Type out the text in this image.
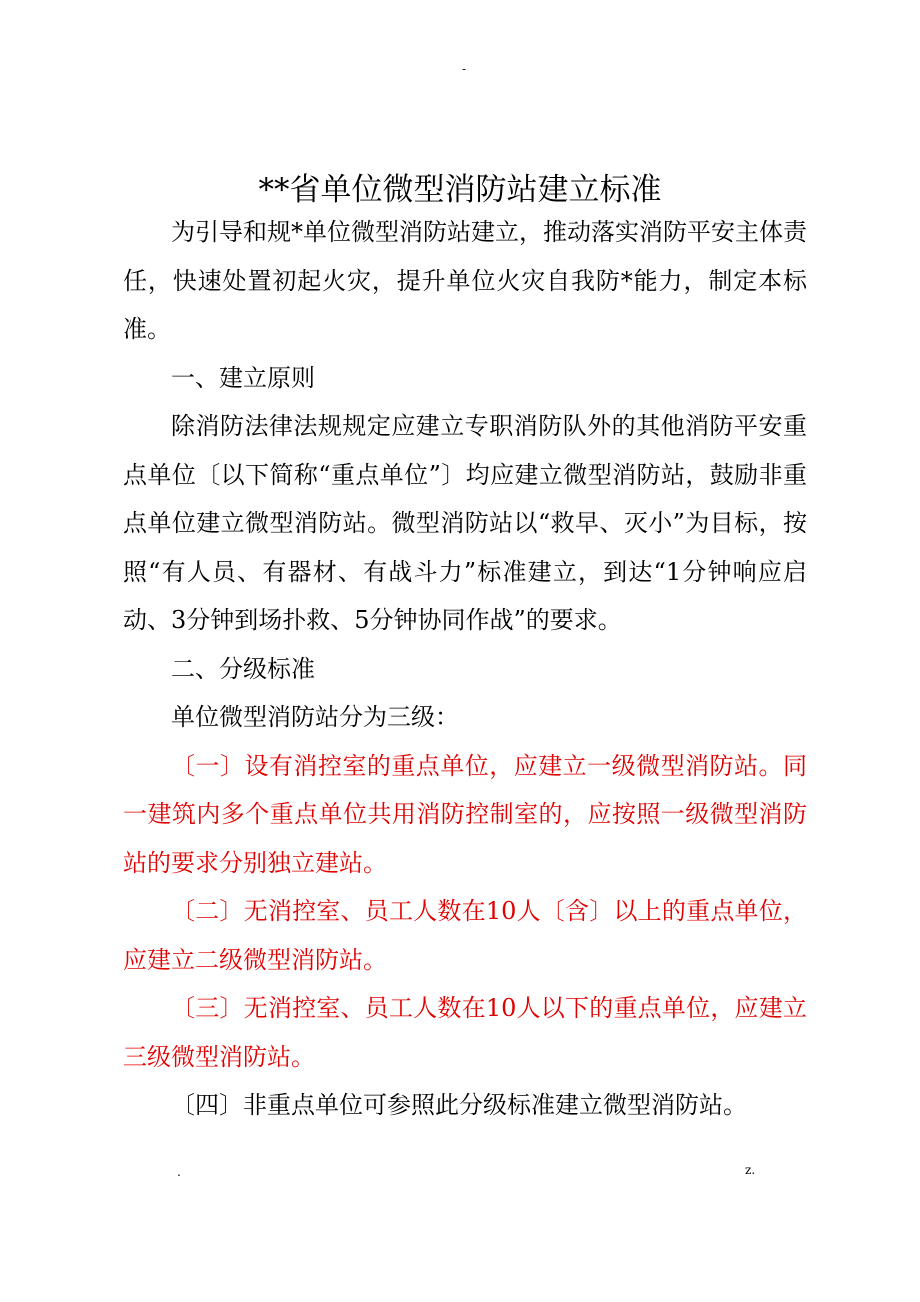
-
**省单位微型消防站建立标准

为引导和规*单位微型消防站建立，推动落实消防平安主体责任，快速处置初起火灾，提升单位火灾自我防*能力，制定本标准。

一、建立原则

除消防法律法规规定应建立专职消防队外的其他消防平安重点单位〔以下简称“重点单位”〕均应建立微型消防站，鼓励非重点单位建立微型消防站。微型消防站以“救早、灭小”为目标，按照“有人员、有器材、有战斗力”标准建立，到达“1分钟响应启动、3分钟到场扑救、5分钟协同作战”的要求。

二、分级标准

单位微型消防站分为三级：

〔一〕设有消控室的重点单位，应建立一级微型消防站。同一建筑内多个重点单位共用消防控制室的，应按照一级微型消防站的要求分别独立建站。

〔二〕无消控室、员工人数在10人〔含〕以上的重点单位，应建立二级微型消防站。

〔三〕无消控室、员工人数在10人以下的重点单位，应建立三级微型消防站。

〔四〕非重点单位可参照此分级标准建立微型消防站。

.	z.
